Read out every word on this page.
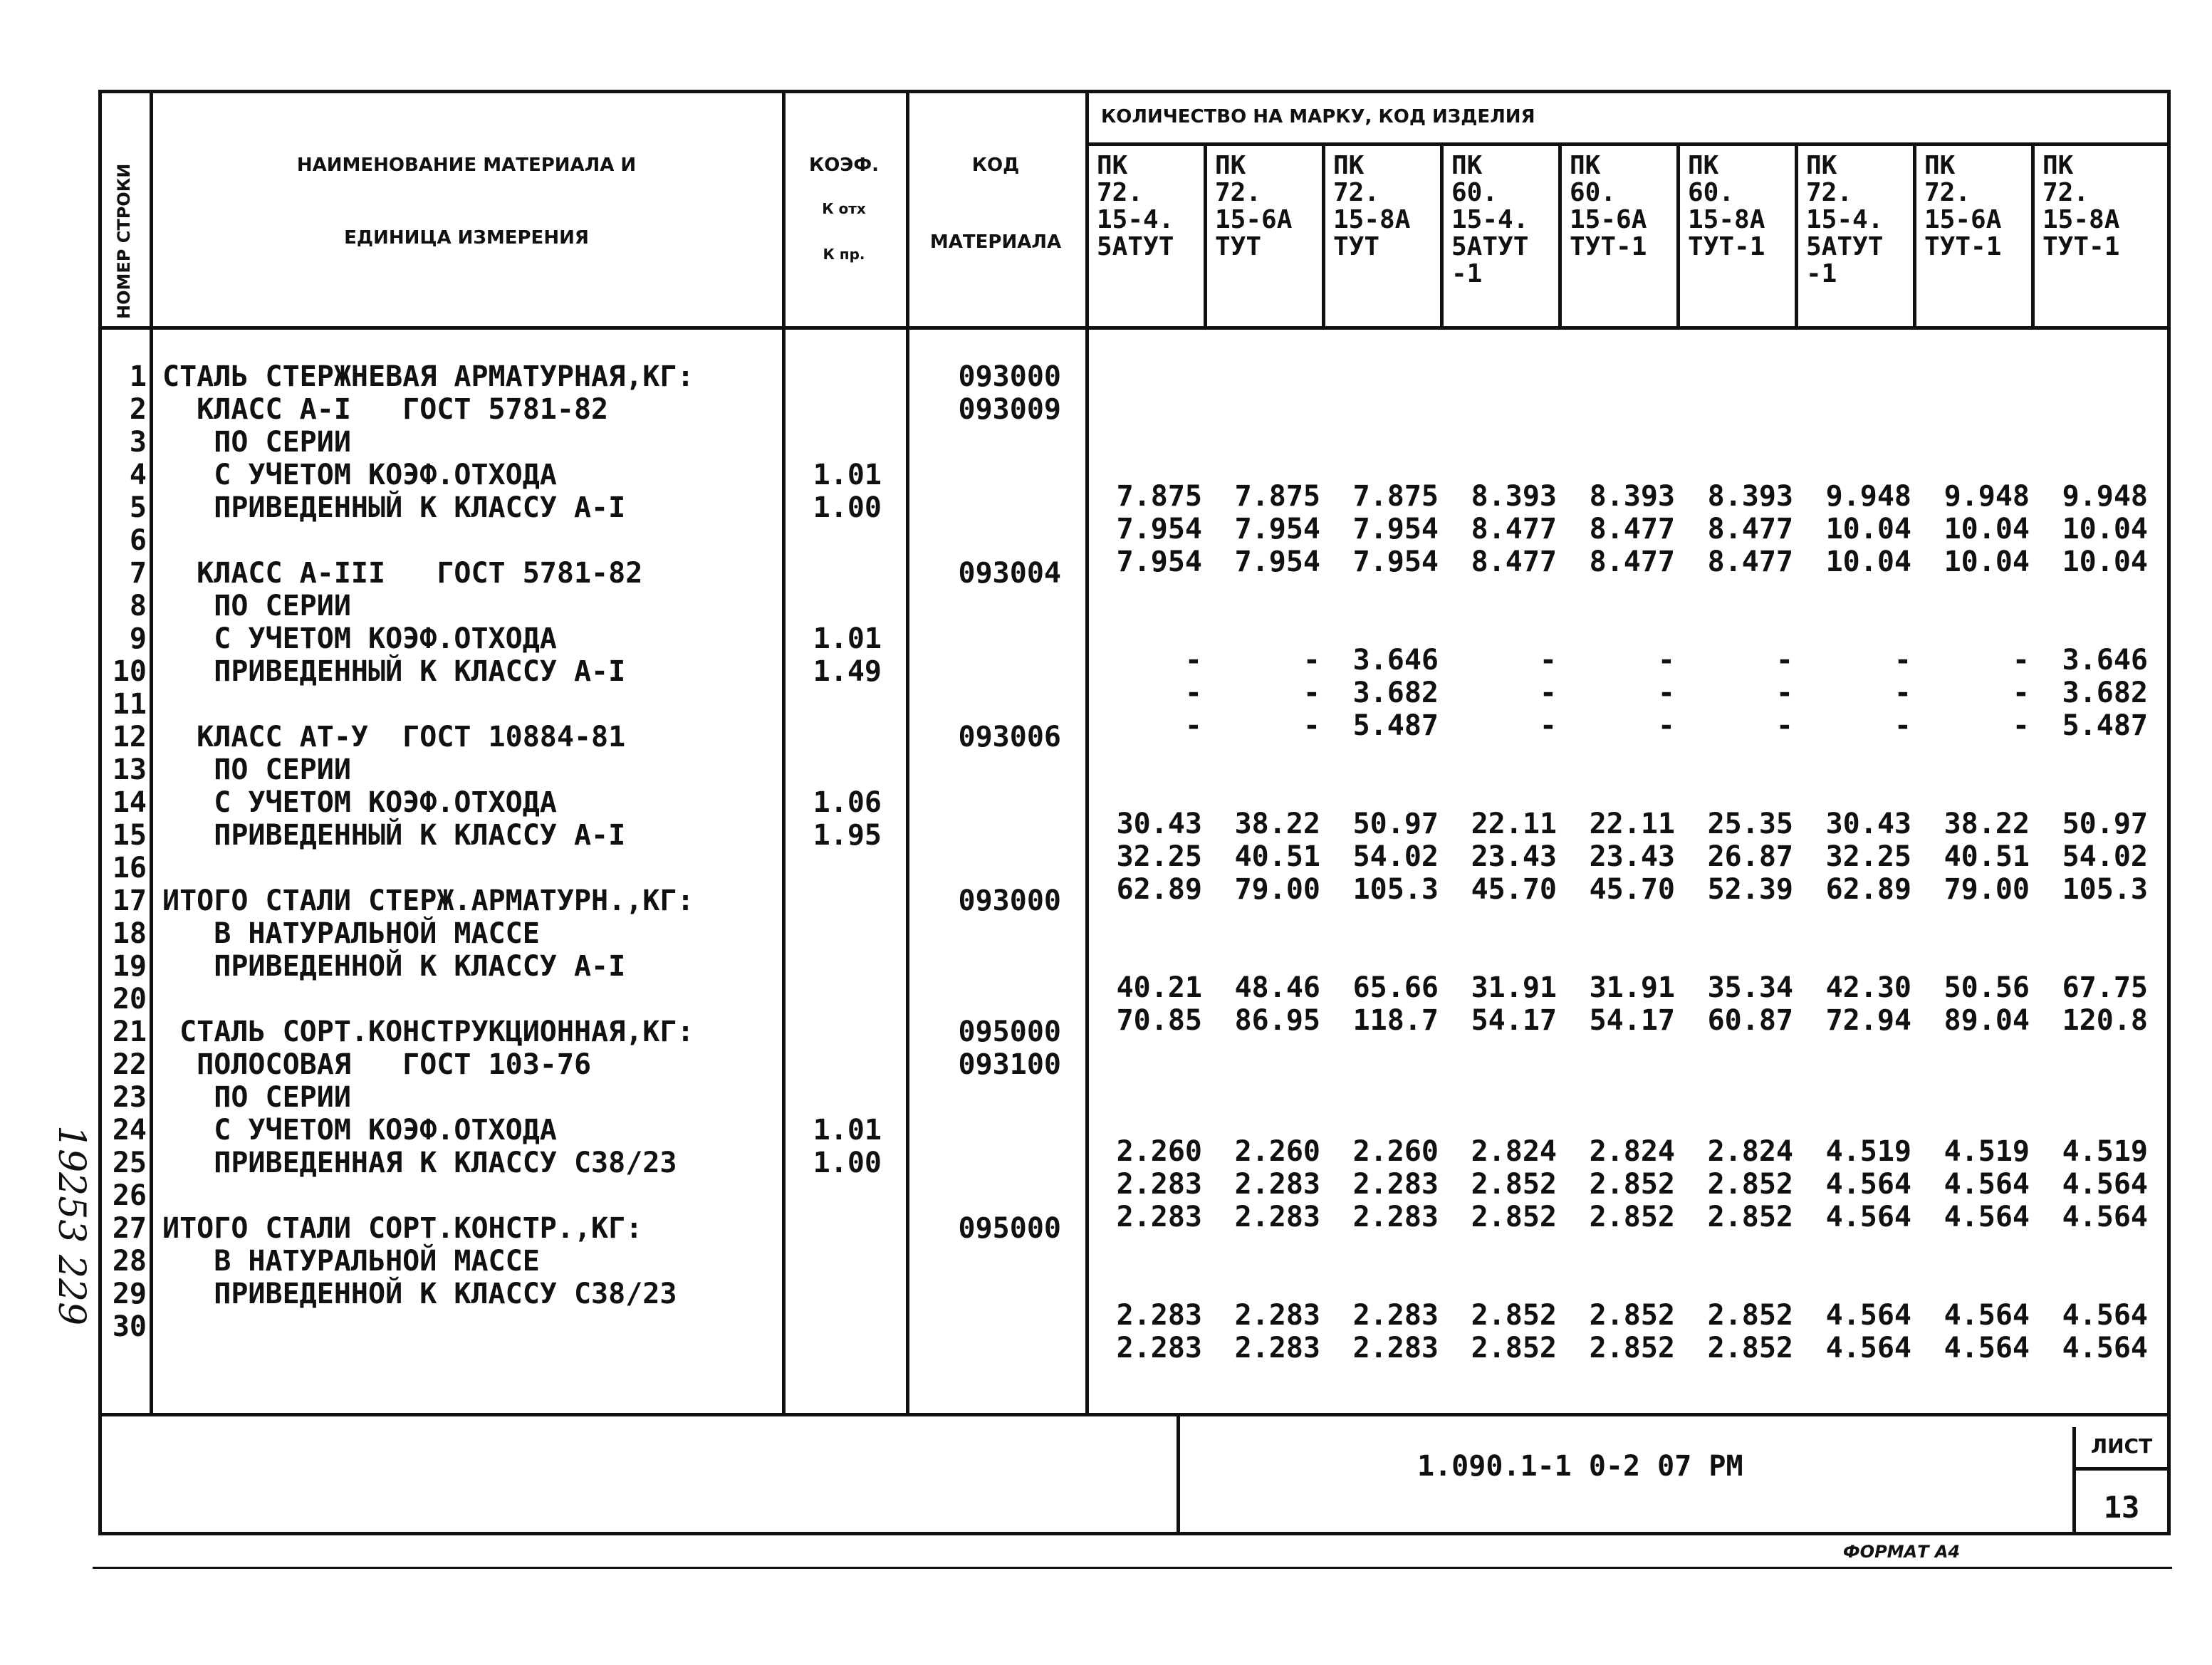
НОМЕР СТРОКИ	НАИМЕНОВАНИЕ МАТЕРИАЛА И
ЕДИНИЦА ИЗМЕРЕНИЯ
КОЭФ.
К отх
К пр.
КОД
МАТЕРИАЛА
КОЛИЧЕСТВО НА МАРКУ, КОД ИЗДЕЛИЯ
ПК
72.
15-4.
5АТУТ
ПК
72.
15-6А
ТУТ
ПК
72.
15-8А
ТУТ
ПК
60.
15-4.
5АТУТ
-1
ПК
60.
15-6А
ТУТ-1
ПК
60.
15-8А
ТУТ-1
ПК
72.
15-4.
5АТУТ
-1
ПК
72.
15-6А
ТУТ-1
ПК
72.
15-8А
ТУТ-1
1
2
3
4
5
6
7
8
9
10
11
12
13
14
15
16
17
18
19
20
21
22
23
24
25
26
27
28
29
30
СТАЛЬ СТЕРЖНЕВАЯ АРМАТУРНАЯ,КГ:
КЛАСС А-I   ГОСТ 5781-82
ПО СЕРИИ
С УЧЕТОМ КОЭФ.ОТХОДА
ПРИВЕДЕННЫЙ К КЛАССУ А-I

КЛАСС А-III   ГОСТ 5781-82
ПО СЕРИИ
С УЧЕТОМ КОЭФ.ОТХОДА
ПРИВЕДЕННЫЙ К КЛАССУ А-I

КЛАСС АТ-У  ГОСТ 10884-81
ПО СЕРИИ
С УЧЕТОМ КОЭФ.ОТХОДА
ПРИВЕДЕННЫЙ К КЛАССУ А-I

ИТОГО СТАЛИ СТЕРЖ.АРМАТУРН.,КГ:
В НАТУРАЛЬНОЙ МАССЕ
ПРИВЕДЕННОЙ К КЛАССУ А-I

СТАЛЬ СОРТ.КОНСТРУКЦИОННАЯ,КГ:
ПОЛОСОВАЯ   ГОСТ 103-76
ПО СЕРИИ
С УЧЕТОМ КОЭФ.ОТХОДА
ПРИВЕДЕННАЯ К КЛАССУ С38/23

ИТОГО СТАЛИ СОРТ.КОНСТР.,КГ:
В НАТУРАЛЬНОЙ МАССЕ
ПРИВЕДЕННОЙ К КЛАССУ С38/23

1.01
1.00

1.01
1.49

1.06
1.95

1.01
1.00

093000
093009

093004

093006

093000

095000
093100

095000

7.875
7.954
7.954

-
-
-

30.43
32.25
62.89

40.21
70.85

2.260
2.283
2.283

2.283
2.283

7.875
7.954
7.954

-
-
-

38.22
40.51
79.00

48.46
86.95

2.260
2.283
2.283

2.283
2.283

7.875
7.954
7.954

3.646
3.682
5.487

50.97
54.02
105.3

65.66
118.7

2.260
2.283
2.283

2.283
2.283

8.393
8.477
8.477

-
-
-

22.11
23.43
45.70

31.91
54.17

2.824
2.852
2.852

2.852
2.852

8.393
8.477
8.477

-
-
-

22.11
23.43
45.70

31.91
54.17

2.824
2.852
2.852

2.852
2.852

8.393
8.477
8.477

-
-
-

25.35
26.87
52.39

35.34
60.87

2.824
2.852
2.852

2.852
2.852

9.948
10.04
10.04

-
-
-

30.43
32.25
62.89

42.30
72.94

4.519
4.564
4.564

4.564
4.564

9.948
10.04
10.04

-
-
-

38.22
40.51
79.00

50.56
89.04

4.519
4.564
4.564

4.564
4.564

9.948
10.04
10.04

3.646
3.682
5.487

50.97
54.02
105.3

67.75
120.8

4.519
4.564
4.564

4.564
4.564

1.090.1-1 0-2 07 РМ
ЛИСТ
13
ФОРМАТ А4
19253 229
